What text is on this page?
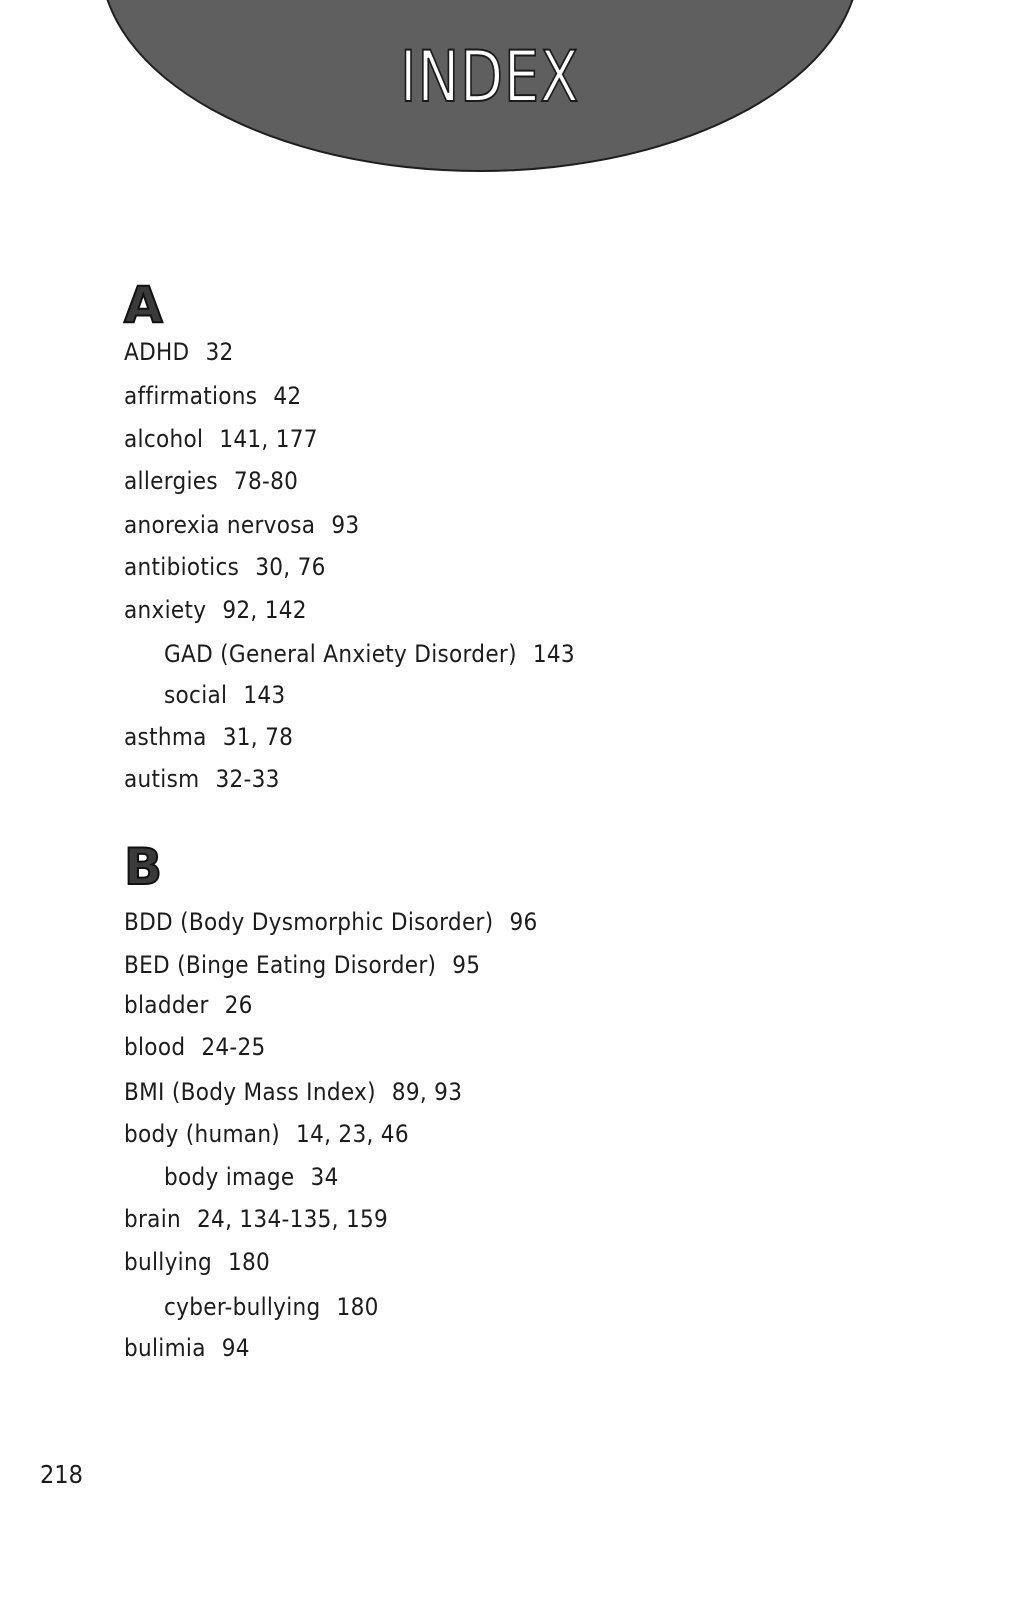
INDEX
A
ADHD 32
affirmations 42
alcohol 141, 177
allergies 78-80
anorexia nervosa 93
antibiotics 30, 76
anxiety 92, 142
GAD (General Anxiety Disorder) 143
social 143
asthma 31, 78
autism 32-33
B
BDD (Body Dysmorphic Disorder) 96
BED (Binge Eating Disorder) 95
bladder 26
blood 24-25
BMI (Body Mass Index) 89, 93
body (human) 14, 23, 46
body image 34
brain 24, 134-135, 159
bullying 180
cyber-bullying 180
bulimia 94
218
